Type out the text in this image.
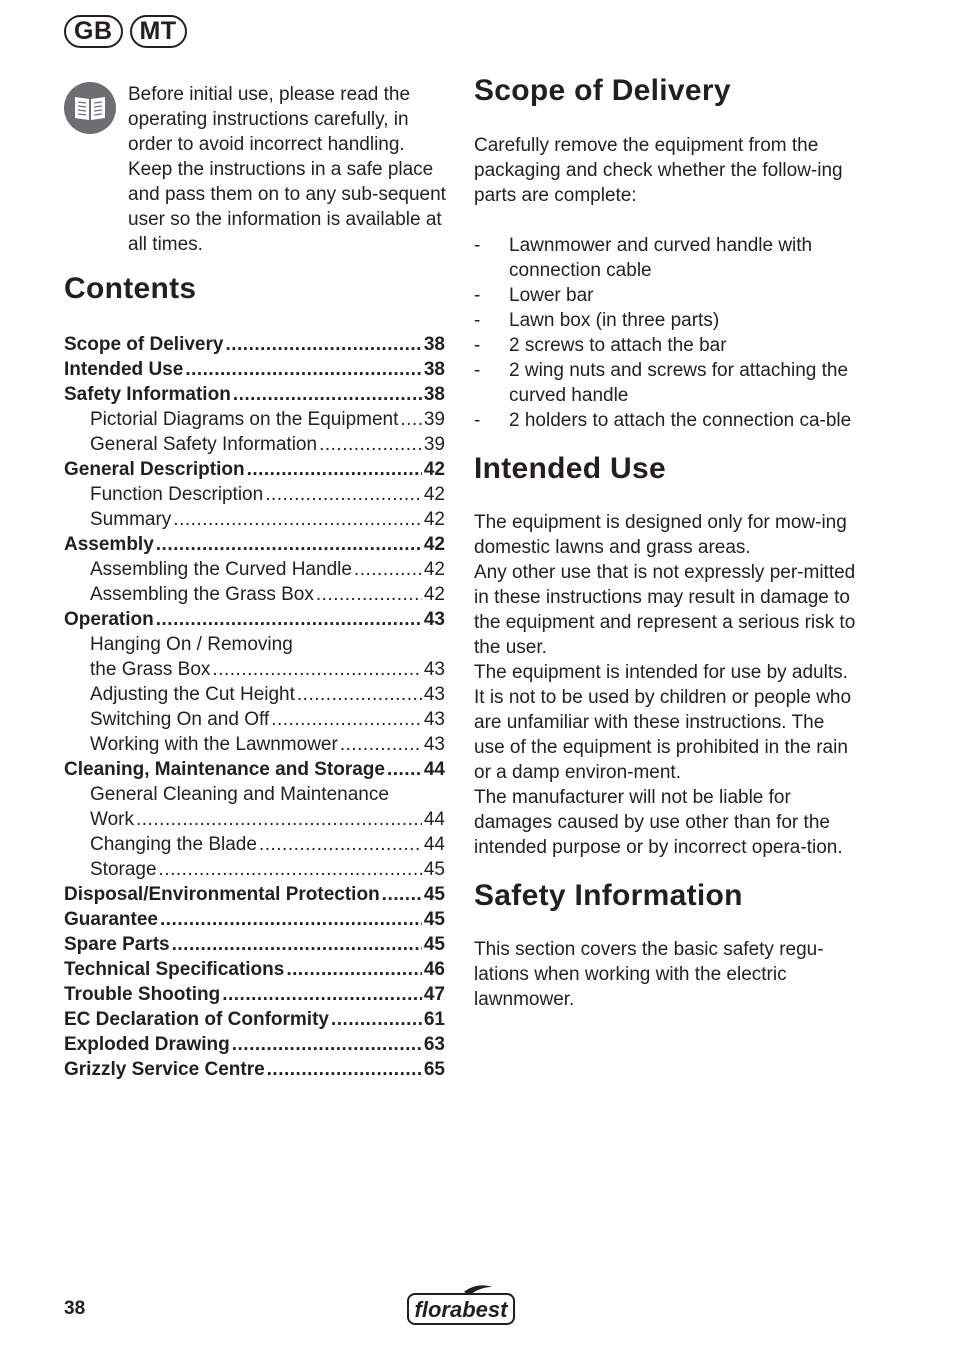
GB	MT

Before initial use, please read the operating instructions carefully, in order to avoid incorrect handling. Keep the instructions in a safe place and pass them on to any sub-sequent user so the information is available at all times.

Contents
Scope of Delivery .....	38
Intended Use .....	38
Safety Information .....	38
Pictorial Diagrams on the Equipment ..... 39
General Safety Information .....	39
General Description .....	42
Function Description .....	42
Summary .....	42
Assembly .....	42
Assembling the Curved Handle .....	42
Assembling the Grass Box .....	42
Operation .....	43
Hanging On / Removing
the Grass Box .....	43
Adjusting the Cut Height .....	43
Switching On and Off .....	43
Working with the Lawnmower .....	43
Cleaning, Maintenance and Storage ..... 44
General Cleaning and Maintenance
Work .....	44
Changing the Blade .....	44
Storage .....	45
Disposal/Environmental Protection ..... 45
Guarantee .....	45
Spare Parts .....	45
Technical Specifications .....	46
Trouble Shooting .....	47
EC Declaration of Conformity .....	61
Exploded Drawing .....	63
Grizzly Service Centre .....	65
Scope of Delivery

Carefully remove the equipment from the packaging and check whether the follow-ing parts are complete:

- Lawnmower and curved handle with connection cable
- Lower bar
- Lawn box (in three parts)
- 2 screws to attach the bar
- 2 wing nuts and screws for attaching the curved handle
- 2 holders to attach the connection ca-ble
Intended Use

The equipment is designed only for mow-ing domestic lawns and grass areas.

Any other use that is not expressly per-mitted in these instructions may result in damage to the equipment and represent a serious risk to the user.

The equipment is intended for use by adults. It is not to be used by children or people who are unfamiliar with these instructions. The use of the equipment is prohibited in the rain or a damp environ-ment.

The manufacturer will not be liable for damages caused by use other than for the intended purpose or by incorrect opera-tion.

Safety Information

This section covers the basic safety regu-lations when working with the electric lawnmower.

38	florabest
